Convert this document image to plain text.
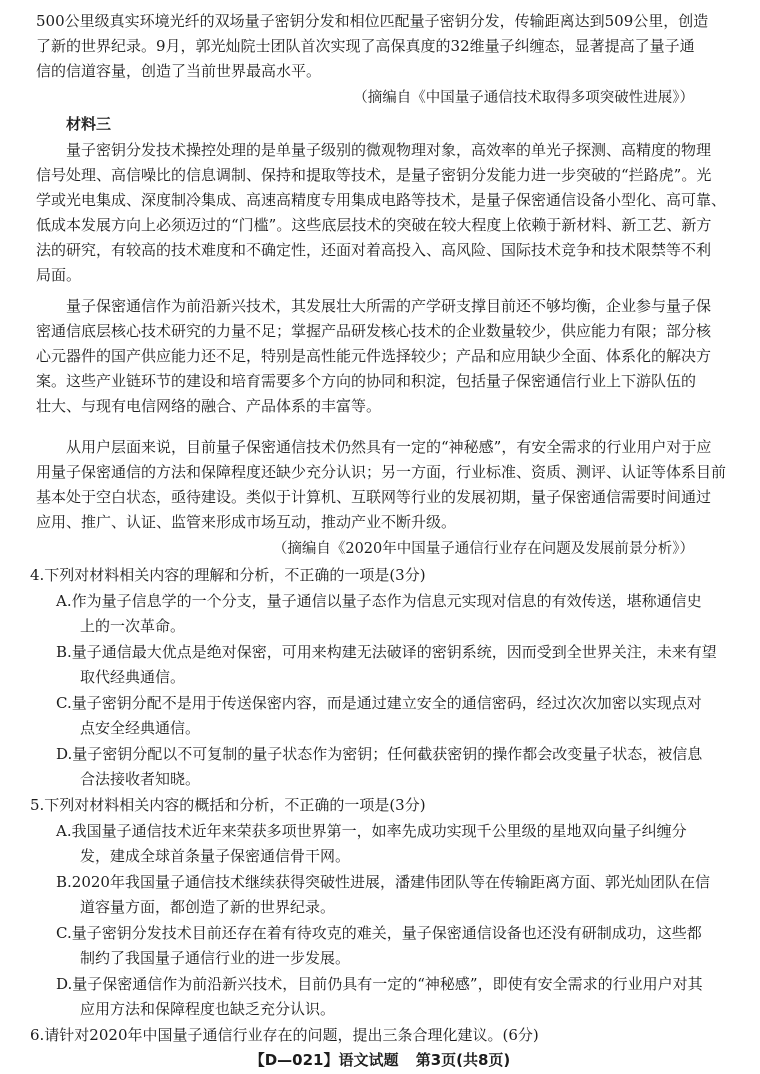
500公里级真实环境光纤的双场量子密钥分发和相位匹配量子密钥分发，传输距离达到509公里，创造
了新的世界纪录。9月，郭光灿院士团队首次实现了高保真度的32维量子纠缠态，显著提高了量子通
信的信道容量，创造了当前世界最高水平。
（摘编自《中国量子通信技术取得多项突破性进展》）
材料三
量子密钥分发技术操控处理的是单量子级别的微观物理对象，高效率的单光子探测、高精度的物理
信号处理、高信噪比的信息调制、保持和提取等技术，是量子密钥分发能力进一步突破的“拦路虎”。光
学或光电集成、深度制冷集成、高速高精度专用集成电路等技术，是量子保密通信设备小型化、高可靠、
低成本发展方向上必须迈过的“门槛”。这些底层技术的突破在较大程度上依赖于新材料、新工艺、新方
法的研究，有较高的技术难度和不确定性，还面对着高投入、高风险、国际技术竞争和技术限禁等不利
局面。
量子保密通信作为前沿新兴技术，其发展壮大所需的产学研支撑目前还不够均衡，企业参与量子保
密通信底层核心技术研究的力量不足；掌握产品研发核心技术的企业数量较少，供应能力有限；部分核
心元器件的国产供应能力还不足，特别是高性能元件选择较少；产品和应用缺少全面、体系化的解决方
案。这些产业链环节的建设和培育需要多个方向的协同和积淀，包括量子保密通信行业上下游队伍的
壮大、与现有电信网络的融合、产品体系的丰富等。
从用户层面来说，目前量子保密通信技术仍然具有一定的“神秘感”，有安全需求的行业用户对于应
用量子保密通信的方法和保障程度还缺少充分认识；另一方面，行业标准、资质、测评、认证等体系目前
基本处于空白状态，亟待建设。类似于计算机、互联网等行业的发展初期，量子保密通信需要时间通过
应用、推广、认证、监管来形成市场互动，推动产业不断升级。
（摘编自《2020年中国量子通信行业存在问题及发展前景分析》）
4.下列对材料相关内容的理解和分析，不正确的一项是(3分)
A.作为量子信息学的一个分支，量子通信以量子态作为信息元实现对信息的有效传送，堪称通信史
上的一次革命。
B.量子通信最大优点是绝对保密，可用来构建无法破译的密钥系统，因而受到全世界关注，未来有望
取代经典通信。
C.量子密钥分配不是用于传送保密内容，而是通过建立安全的通信密码，经过次次加密以实现点对
点安全经典通信。
D.量子密钥分配以不可复制的量子状态作为密钥；任何截获密钥的操作都会改变量子状态，被信息
合法接收者知晓。
5.下列对材料相关内容的概括和分析，不正确的一项是(3分)
A.我国量子通信技术近年来荣获多项世界第一，如率先成功实现千公里级的星地双向量子纠缠分
发，建成全球首条量子保密通信骨干网。
B.2020年我国量子通信技术继续获得突破性进展，潘建伟团队等在传输距离方面、郭光灿团队在信
道容量方面，都创造了新的世界纪录。
C.量子密钥分发技术目前还存在着有待攻克的难关，量子保密通信设备也还没有研制成功，这些都
制约了我国量子通信行业的进一步发展。
D.量子保密通信作为前沿新兴技术，目前仍具有一定的“神秘感”，即使有安全需求的行业用户对其
应用方法和保障程度也缺乏充分认识。
6.请针对2020年中国量子通信行业存在的问题，提出三条合理化建议。(6分)
【D—021】语文试题 第3页(共8页)
